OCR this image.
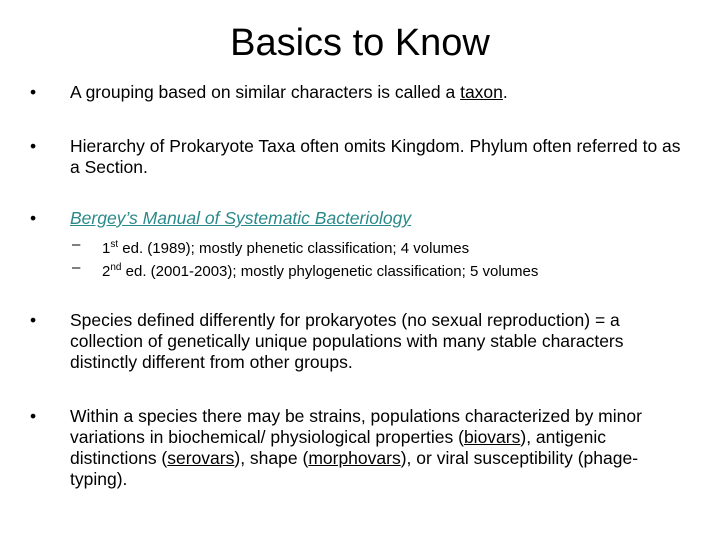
Basics to Know
• A grouping based on similar characters is called a taxon.
• Hierarchy of Prokaryote Taxa often omits Kingdom. Phylum often referred to as a Section.
• Bergey’s Manual of Systematic Bacteriology
– 1st ed. (1989); mostly phenetic classification; 4 volumes
– 2nd ed. (2001-2003); mostly phylogenetic classification; 5 volumes
• Species defined differently for prokaryotes (no sexual reproduction) = a collection of genetically unique populations with many stable characters distinctly different from other groups.
• Within a species there may be strains, populations characterized by minor variations in biochemical/ physiological properties (biovars), antigenic distinctions (serovars), shape (morphovars), or viral susceptibility (phage-typing).
